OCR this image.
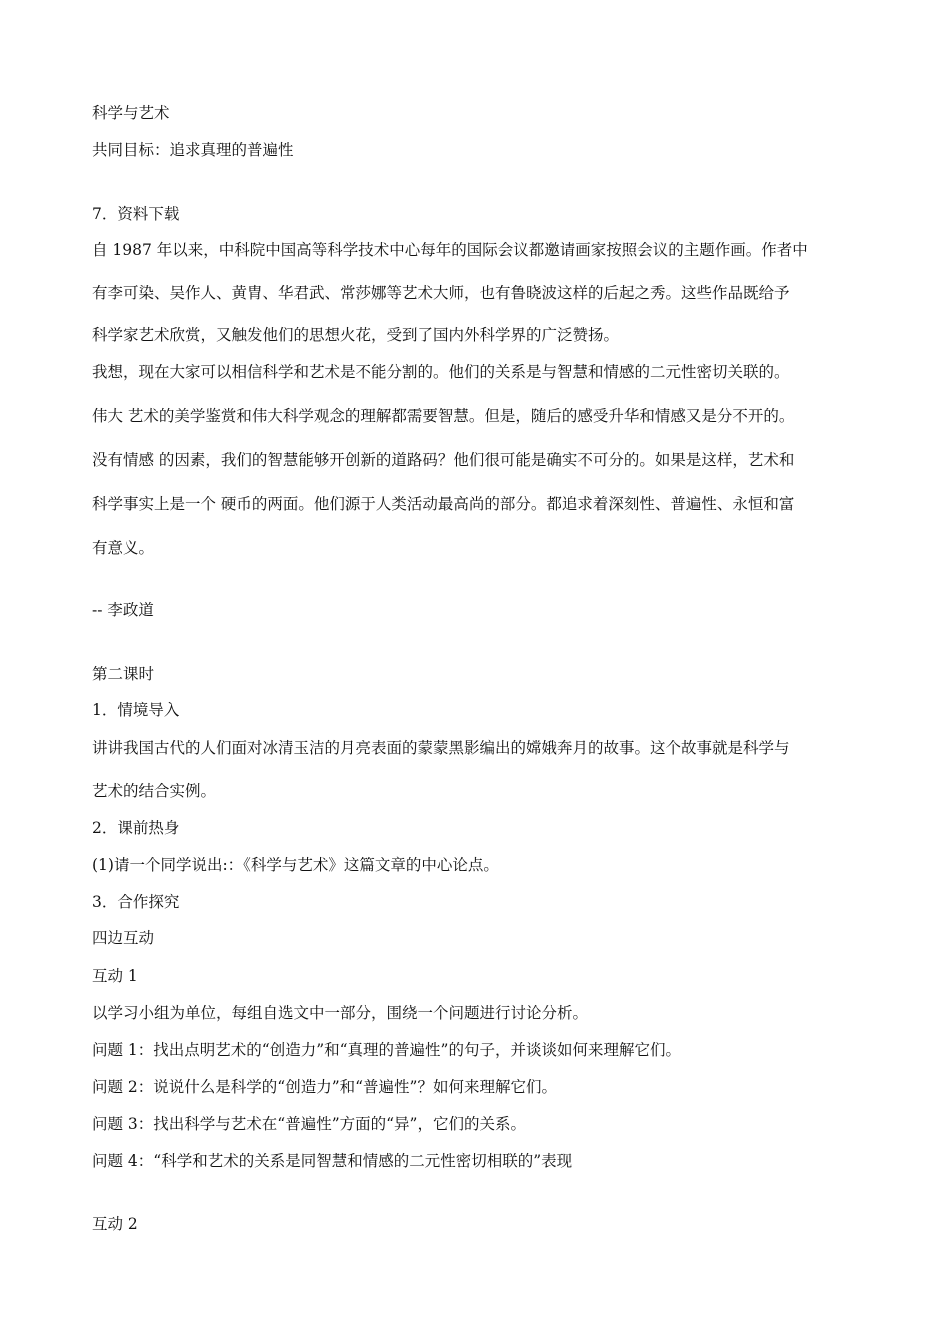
科学与艺术
共同目标：追求真理的普遍性
7．资料下载
自 1987 年以来，中科院中国高等科学技术中心每年的国际会议都邀请画家按照会议的主题作画。作者中
有李可染、吴作人、黄胄、华君武、常莎娜等艺术大师，也有鲁晓波这样的后起之秀。这些作品既给予
科学家艺术欣赏，又触发他们的思想火花，受到了国内外科学界的广泛赞扬。
我想，现在大家可以相信科学和艺术是不能分割的。他们的关系是与智慧和情感的二元性密切关联的。
伟大 艺术的美学鉴赏和伟大科学观念的理解都需要智慧。但是，随后的感受升华和情感又是分不开的。
没有情感 的因素，我们的智慧能够开创新的道路码？他们很可能是确实不可分的。如果是这样，艺术和
科学事实上是一个 硬币的两面。他们源于人类活动最高尚的部分。都追求着深刻性、普遍性、永恒和富
有意义。
-- 李政道
第二课时
1．情境导入
讲讲我国古代的人们面对冰清玉洁的月亮表面的蒙蒙黑影编出的嫦娥奔月的故事。这个故事就是科学与
艺术的结合实例。
2．课前热身
(1)请一个同学说出:：《科学与艺术》这篇文章的中心论点。
3．合作探究
四边互动
互动 1
以学习小组为单位，每组自选文中一部分，围绕一个问题进行讨论分析。
问题 1：找出点明艺术的“创造力”和“真理的普遍性”的句子，并谈谈如何来理解它们。
问题 2：说说什么是科学的“创造力”和“普遍性”？如何来理解它们。
问题 3：找出科学与艺术在“普遍性”方面的“异”，它们的关系。
问题 4：“科学和艺术的关系是同智慧和情感的二元性密切相联的”表现
互动 2
